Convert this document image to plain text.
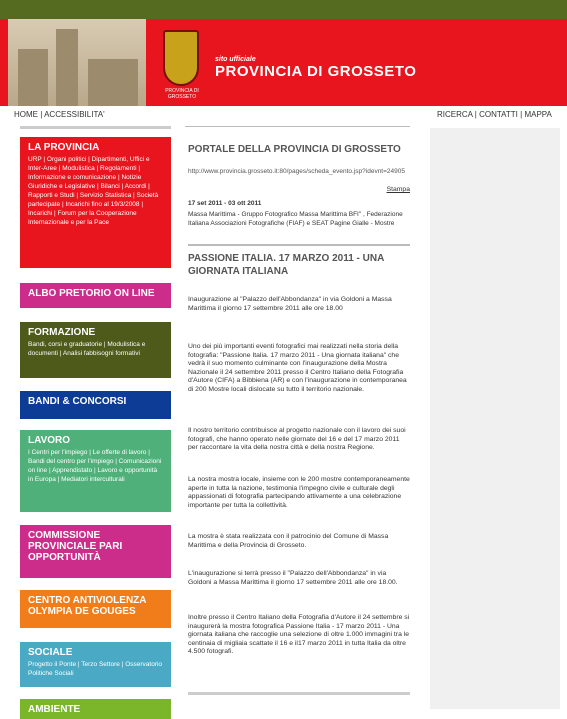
PROVINCIA DI GROSSETO
sito ufficiale
PROVINCIA DI GROSSETO
HOME | ACCESSIBILITA'	RICERCA | CONTATTI | MAPPA
LA PROVINCIA
URP | Organi politici | Dipartimenti, Uffici e Inter-Aree | Modulistica | Regolamenti | Informazione e comunicazione | Notizie Giuridiche e Legislative | Bilanci | Accordi | Rapporti e Studi | Servizio Statistica | Società partecipate | Incarichi fino al 19/3/2008 | Incarichi | Forum per la Cooperazione Internazionale e per la Pace
ALBO PRETORIO ON LINE
FORMAZIONE
Bandi, corsi e graduatorie | Modulistica e documenti | Analisi fabbisogni formativi
BANDI & CONCORSI
LAVORO
I Centri per l'impiego | Le offerte di lavoro | Bandi del centro per l'impiego | Comunicazioni on line | Apprendistato | Lavoro e opportunità in Europa | Mediatori interculturali
COMMISSIONE PROVINCIALE PARI OPPORTUNITÀ
CENTRO ANTIVIOLENZA OLYMPIA DE GOUGES
SOCIALE
Progetto il Ponte | Terzo Settore | Osservatorio Politiche Sociali
AMBIENTE
PORTALE DELLA PROVINCIA DI GROSSETO
http://www.provincia.grosseto.it:80/pages/scheda_evento.jsp?idevnt=24905
Stampa
17 set 2011 - 03 ott 2011
Massa Marittima - Gruppo Fotografico Massa Marittima BFI" , Federazione Italiana Associazioni Fotografiche (FIAF) e SEAT Pagine Gialle - Mostre
PASSIONE ITALIA. 17 MARZO 2011 - UNA GIORNATA ITALIANA
Inaugurazione al "Palazzo dell'Abbondanza" in via Goldoni a Massa Marittima il giorno 17 settembre 2011 alle ore 18.00
Uno dei più importanti eventi fotografici mai realizzati nella storia della fotografia: "Passione Italia. 17 marzo 2011 - Una giornata italiana" che vedrà il suo momento culminante con l'inaugurazione della Mostra Nazionale il 24 settembre 2011 presso il Centro Italiano della Fotografia d'Autore (CIFA) a Bibbiena (AR) e con l'inaugurazione in contemporanea di 200 Mostre locali dislocate su tutto il territorio nazionale.
Il nostro territorio contribuisce al progetto nazionale con il lavoro dei suoi fotografi, che hanno operato nelle giornate del 16 e del 17 marzo 2011 per raccontare la vita della nostra città e della nostra Regione.
La nostra mostra locale, insieme con le 200 mostre contemporaneamente aperte in tutta la nazione, testimonia l'impegno civile e culturale degli appassionati di fotografia partecipando attivamente a una celebrazione importante per tutta la collettività.
La mostra è stata realizzata con il patrocinio del Comune di Massa Marittima e della Provincia di Grosseto.
L'inaugurazione si terrà presso il "Palazzo dell'Abbondanza" in via Goldoni a Massa Marittima il giorno 17 settembre 2011 alle ore 18.00.
Inoltre presso il Centro Italiano della Fotografia d'Autore il 24 settembre si inaugurerà la mostra fotografica Passione Italia - 17 marzo 2011 - Una giornata italiana che raccoglie una selezione di oltre 1.000 immagini tra le centinaia di migliaia scattate il 16 e il17 marzo 2011 in tutta Italia da oltre 4.500 fotografi.
